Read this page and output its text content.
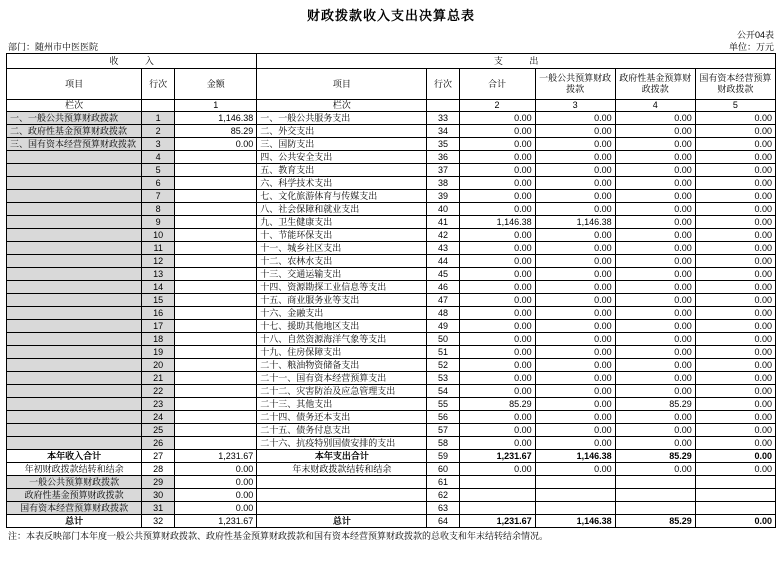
财政拨款收入支出决算总表
公开04表
部门：随州市中医医院	单位：万元
收 入			支 出					
项目	行次	金额	项目	行次	合计	一般公共预算财政拨款	政府性基金预算财政拨款	国有资本经营预算财政拨款
栏次		1	栏次		2	3	4	5
一、一般公共预算财政拨款	1	1,146.38	一、一般公共服务支出	33	0.00	0.00	0.00	0.00
二、政府性基金预算财政拨款	2	85.29	二、外交支出	34	0.00	0.00	0.00	0.00
三、国有资本经营预算财政拨款	3	0.00	三、国防支出	35	0.00	0.00	0.00	0.00
	4		四、公共安全支出	36	0.00	0.00	0.00	0.00
	5		五、教育支出	37	0.00	0.00	0.00	0.00
	6		六、科学技术支出	38	0.00	0.00	0.00	0.00
	7		七、文化旅游体育与传媒支出	39	0.00	0.00	0.00	0.00
	8		八、社会保障和就业支出	40	0.00	0.00	0.00	0.00
	9		九、卫生健康支出	41	1,146.38	1,146.38	0.00	0.00
	10		十、节能环保支出	42	0.00	0.00	0.00	0.00
	11		十一、城乡社区支出	43	0.00	0.00	0.00	0.00
	12		十二、农林水支出	44	0.00	0.00	0.00	0.00
	13		十三、交通运输支出	45	0.00	0.00	0.00	0.00
	14		十四、资源勘探工业信息等支出	46	0.00	0.00	0.00	0.00
	15		十五、商业服务业等支出	47	0.00	0.00	0.00	0.00
	16		十六、金融支出	48	0.00	0.00	0.00	0.00
	17		十七、援助其他地区支出	49	0.00	0.00	0.00	0.00
	18		十八、自然资源海洋气象等支出	50	0.00	0.00	0.00	0.00
	19		十九、住房保障支出	51	0.00	0.00	0.00	0.00
	20		二十、粮油物资储备支出	52	0.00	0.00	0.00	0.00
	21		二十一、国有资本经营预算支出	53	0.00	0.00	0.00	0.00
	22		二十二、灾害防治及应急管理支出	54	0.00	0.00	0.00	0.00
	23		二十三、其他支出	55	85.29	0.00	85.29	0.00
	24		二十四、债务还本支出	56	0.00	0.00	0.00	0.00
	25		二十五、债务付息支出	57	0.00	0.00	0.00	0.00
	26		二十六、抗疫特别国债安排的支出	58	0.00	0.00	0.00	0.00
本年收入合计	27	1,231.67	本年支出合计	59	1,231.67	1,146.38	85.29	0.00
年初财政拨款结转和结余	28	0.00	年末财政拨款结转和结余	60	0.00	0.00	0.00	0.00
一般公共预算财政拨款	29	0.00		61				
政府性基金预算财政拨款	30	0.00		62				
国有资本经营预算财政拨款	31	0.00		63				
总计	32	1,231.67	总计	64	1,231.67	1,146.38	85.29	0.00
注：本表反映部门本年度一般公共预算财政拨款、政府性基金预算财政拨款和国有资本经营预算财政拨款的总收支和年末结转结余情况。
